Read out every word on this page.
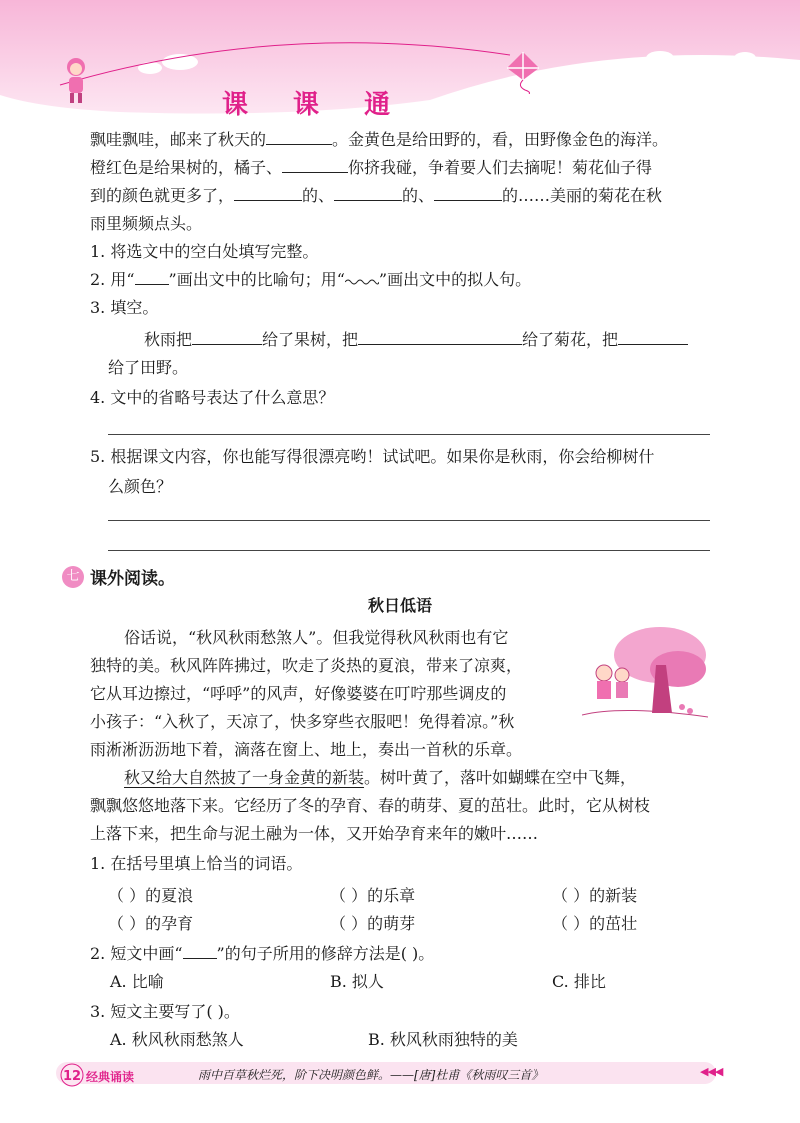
课 课 通
飘哇飘哇，邮来了秋天的	。金黄色是给田野的，看，田野像金色的海洋。
橙红色是给果树的，橘子、	你挤我碰，争着要人们去摘呢！菊花仙子得
到的颜色就更多了，	的、	的、	的……美丽的菊花在秋
雨里频频点头。
1. 将选文中的空白处填写完整。
2. 用“ ”画出文中的比喻句；用“ ”画出文中的拟人句。
3. 填空。
秋雨把	给了果树，把	给了菊花，把
给了田野。
4. 文中的省略号表达了什么意思？
5. 根据课文内容，你也能写得很漂亮哟！试试吧。如果你是秋雨，你会给柳树什
么颜色？
七 课外阅读。
秋日低语
俗话说，“秋风秋雨愁煞人”。但我觉得秋风秋雨也有它
独特的美。秋风阵阵拂过，吹走了炎热的夏浪，带来了凉爽，
它从耳边擦过，“呼呼”的风声，好像婆婆在叮咛那些调皮的
小孩子：“入秋了，天凉了，快多穿些衣服吧！免得着凉。”秋
雨淅淅沥沥地下着，滴落在窗上、地上，奏出一首秋的乐章。
秋又给大自然披了一身金黄的新装。树叶黄了，落叶如蝴蝶在空中飞舞，
飘飘悠悠地落下来。它经历了冬的孕育、春的萌芽、夏的茁壮。此时，它从树枝
上落下来，把生命与泥土融为一体，又开始孕育来年的嫩叶……
1. 在括号里填上恰当的词语。
（ ）的夏浪	（ ）的乐章	（ ）的新装
（ ）的孕育	（ ）的萌芽	（ ）的茁壮
2. 短文中画“ ”的句子所用的修辞方法是( )。
A. 比喻	B. 拟人	C. 排比
3. 短文主要写了( )。
A. 秋风秋雨愁煞人	B. 秋风秋雨独特的美
12 经典诵读	雨中百草秋烂死，阶下决明颜色鲜。——[唐]杜甫《秋雨叹三首》	◀◀◀
